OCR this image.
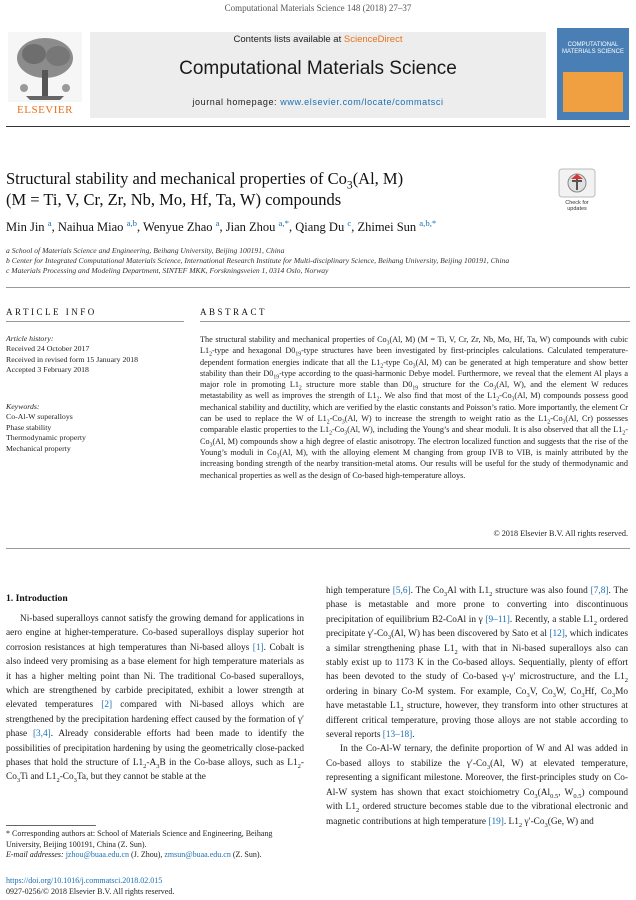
Computational Materials Science 148 (2018) 27–37
Contents lists available at ScienceDirect
Computational Materials Science
journal homepage: www.elsevier.com/locate/commatsci
ELSEVIER
COMPUTATIONAL MATERIALS SCIENCE
Structural stability and mechanical properties of $Co_3(Al$, M)
(M = Ti, V, Cr, Zr, Nb, Mo, Hf, Ta, W) compounds	Check for updates
Min Jin $^a$, Naihua Miao $^{a,b}$, Wenyue Zhao $^a$, Jian Zhou $^{a,*}$, Qiang Du $^c$, Zhimei Sun $^{a,b,*}$
a School of Materials Science and Engineering, Beihang University, Beijing 100191, China
b Center for Integrated Computational Materials Science, International Research Institute for Multi-disciplinary Science, Beihang University, Beijing 100191, China
c Materials Processing and Modeling Department, SINTEF MKK, Forskningsveien 1, 0314 Oslo, Norway
ARTICLE INFO	ABSTRACT
Article history:
Received 24 October 2017
Received in revised form 15 January 2018
Accepted 3 February 2018
Keywords:
Co-Al-W superalloys
Phase stability
Thermodynamic property
Mechanical property
The structural stability and mechanical properties of $Co_3(Al$, M) (M = Ti, V, Cr, Zr, Nb, Mo, Hf, Ta, W) compounds with cubic $L1_2$-type and hexagonal $D0_{19}$-type structures have been investigated by first-principles calculations. Calculated temperature-dependent formation energies indicate that all the $L1_2$-type $Co_3(Al$, M) can be generated at high temperature and show better stability than their $D0_{19}$-type according to the quasi-harmonic Debye model. Furthermore, we reveal that the element Al plays a major role in promoting $L1_2$ structure more stable than $D0_{19}$ structure for the $Co_3(Al$, W), and the element W reduces metastability as well as improves the strength of $L1_2$. We also find that most of the $L1_2-Co_3(Al$, M) compounds possess good mechanical stability and ductility, which are verified by the elastic constants and Poisson’s ratio. More importantly, the element Cr can be used to replace the W of $L1_2-Co_3(Al$, W) to increase the strength to weight ratio as the $L1_2-Co_3(Al$, Cr) possesses comparable elastic properties to the $L1_2-Co_3(Al$, W), including the Young’s and shear moduli. It is also observed that all the $L1_2-Co_3(Al$, M) compounds show a high degree of elastic anisotropy. The electron localized function and suggests that the rise of the Young’s moduli in $Co_3(Al$, M), with the alloying element M changing from group IVB to VIB, is mainly attributed by the increasing bonding strength of the nearby transition-metal atoms. Our results will be useful for the study of thermodynamic and mechanical properties as well as the design of Co-based high-temperature alloys.
© 2018 Elsevier B.V. All rights reserved.
1. Introduction

Ni-based superalloys cannot satisfy the growing demand for applications in aero engine at higher-temperature. Co-based superalloys display superior hot corrosion resistances at high temperatures than Ni-based alloys [1]. Cobalt is also indeed very promising as a base element for high temperature materials as it has a higher melting point than Ni. The traditional Co-based superalloys, which are strengthened by carbide precipitated, exhibit a lower strength at elevated temperatures [2] compared with Ni-based alloys which are strengthened by the precipitation hardening effect caused by the formation of γ′ phase [3,4]. Already considerable efforts had been made to identify the possibilities of precipitation hardening by using the geometrically close-packed phases that hold the structure of $L1_2-A_3B$ in the Co-base alloys, such as $L1_2-Co_3Ti$ and $L1_2-Co_3Ta$, but they cannot be stable at the

high temperature [5,6]. The $Co_3Al$ with $L1_2$ structure was also found [7,8]. The phase is metastable and more prone to converting into discontinuous precipitation of equilibrium B2-CoAl in γ [9–11]. Recently, a stable $L1_2$ ordered precipitate $\gamma'-Co_3(Al$, W) has been discovered by Sato et al [12], which indicates a similar strengthening phase $L1_2$ with that in Ni-based superalloys also can stably exist up to 1173 K in the Co-based alloys. Sequentially, plenty of effort has been devoted to the study of Co-based γ-γ′ microstructure, and the $L1_2$ ordering in binary Co-M system. For example, $Co_3V$, $Co_3W$, $Co_3Hf$, $Co_3Mo$ have metastable $L1_2$ structure, however, they transform into other structures at different critical temperature, proving those alloys are not stable according to several reports [13–18].

In the Co-Al-W ternary, the definite proportion of W and Al was added in Co-based alloys to stabilize the $\gamma'-Co_3(Al$, W) at elevated temperature, representing a significant milestone. Moreover, the first-principles study on Co-Al-W system has shown that exact stoichiometry $Co_3(Al_{0.5}$, $W_{0.5}$) compound with $L1_2$ ordered structure becomes stable due to the vibrational electronic and magnetic contributions at high temperature [19]. $L1_2$ $\gamma'-Co_3(Ge$, W) and

* Corresponding authors at: School of Materials Science and Engineering, Beihang University, Beijing 100191, China (Z. Sun).
E-mail addresses: jzhou@buaa.edu.cn (J. Zhou), zmsun@buaa.edu.cn (Z. Sun).
https://doi.org/10.1016/j.commatsci.2018.02.015
0927-0256/© 2018 Elsevier B.V. All rights reserved.
